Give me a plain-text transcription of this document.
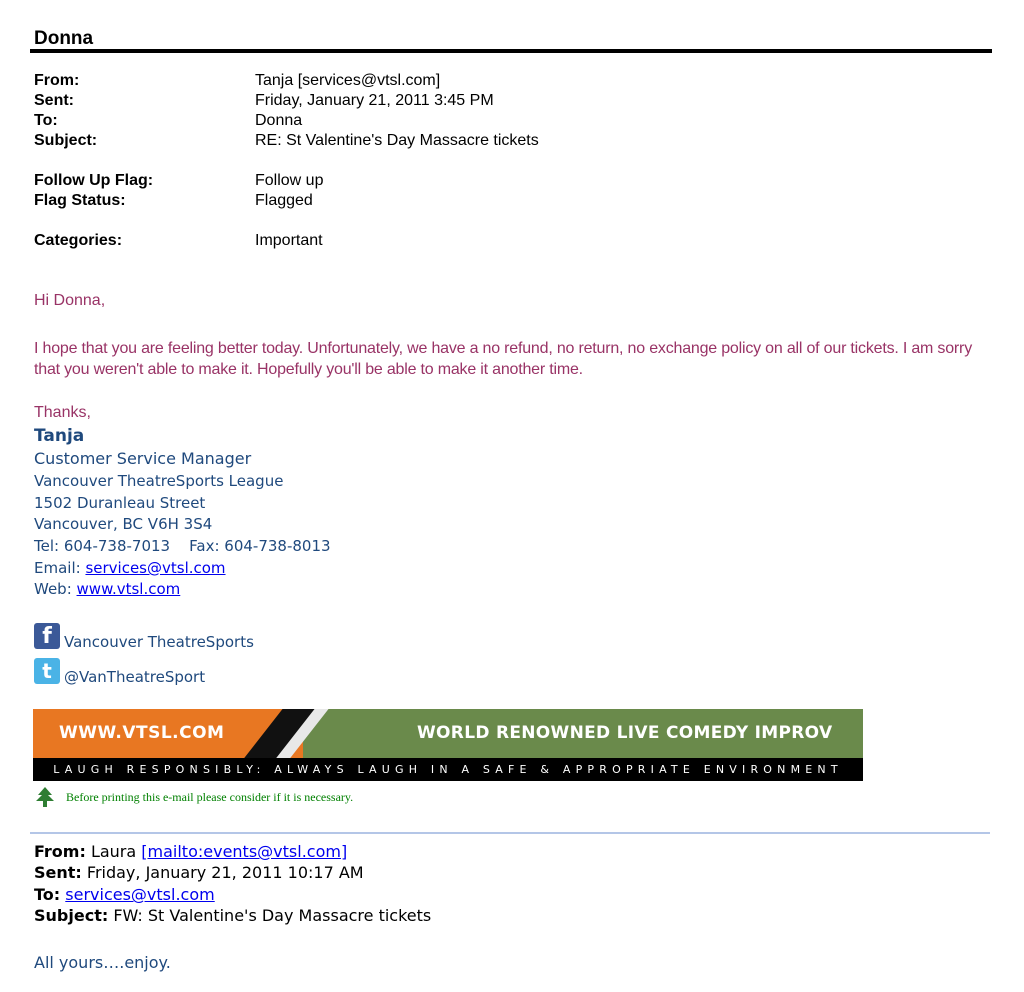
Donna
From:	Tanja [services@vtsl.com]
Sent:	Friday, January 21, 2011 3:45 PM
To:	Donna
Subject:	RE: St Valentine's Day Massacre tickets
Follow Up Flag:	Follow up
Flag Status:	Flagged
Categories:	Important
Hi Donna,
I hope that you are feeling better today. Unfortunately, we have a no refund, no return, no exchange policy on all of our tickets. I am sorry that you weren't able to make it. Hopefully you'll be able to make it another time.
Thanks,
Tanja
Customer Service Manager
Vancouver TheatreSports League
1502 Duranleau Street
Vancouver, BC V6H 3S4
Tel: 604-738-7013    Fax: 604-738-8013
Email: services@vtsl.com
Web: www.vtsl.com
f Vancouver TheatreSports
t @VanTheatreSport
WWW.VTSL.COM	WORLD RENOWNED LIVE COMEDY IMPROV
LAUGH RESPONSIBLY: ALWAYS LAUGH IN A SAFE & APPROPRIATE ENVIRONMENT
Before printing this e-mail please consider if it is necessary.
From: Laura [mailto:events@vtsl.com]
Sent: Friday, January 21, 2011 10:17 AM
To: services@vtsl.com
Subject: FW: St Valentine's Day Massacre tickets
All yours….enjoy.
